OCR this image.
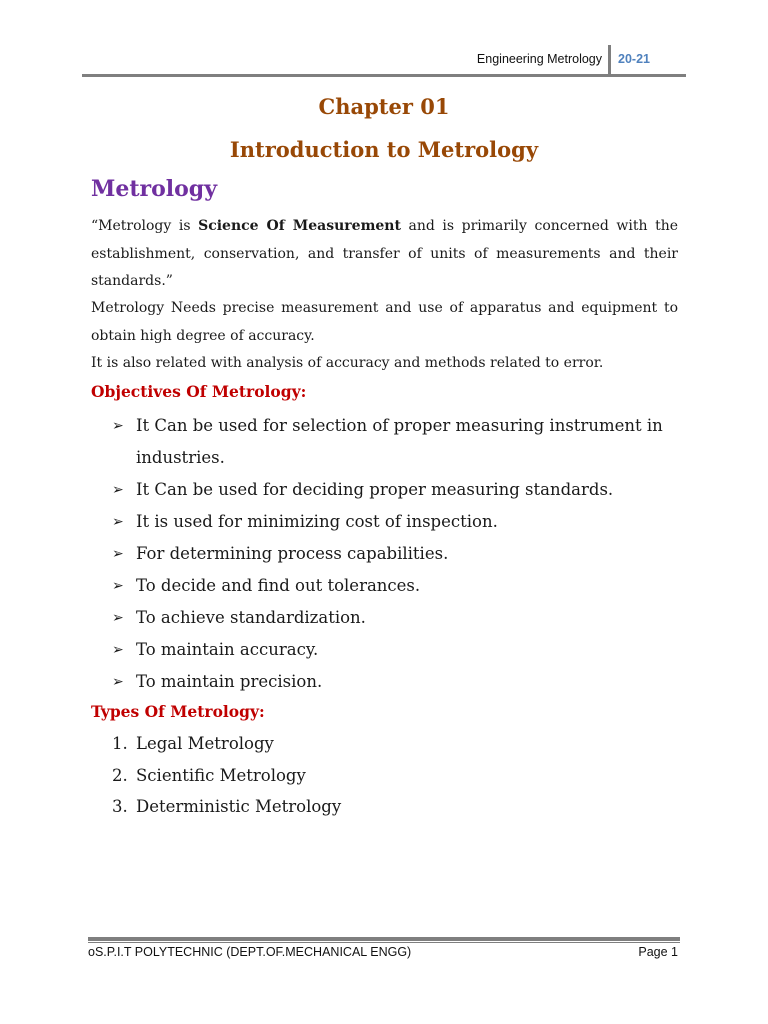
Engineering Metrology 20-21
Chapter 01
Introduction to Metrology
Metrology
“Metrology is Science Of Measurement and is primarily concerned with the establishment, conservation, and transfer of units of measurements and their standards.”
Metrology Needs precise measurement and use of apparatus and equipment to obtain high degree of accuracy.
It is also related with analysis of accuracy and methods related to error.
Objectives Of Metrology:
➢ It Can be used for selection of proper measuring instrument in industries.
➢ It Can be used for deciding proper measuring standards.
➢ It is used for minimizing cost of inspection.
➢ For determining process capabilities.
➢ To decide and find out tolerances.
➢ To achieve standardization.
➢ To maintain accuracy.
➢ To maintain precision.
Types Of Metrology:
1. Legal Metrology
2. Scientific Metrology
3. Deterministic Metrology
oS.P.I.T POLYTECHNIC (DEPT.OF.MECHANICAL ENGG)	Page 1
